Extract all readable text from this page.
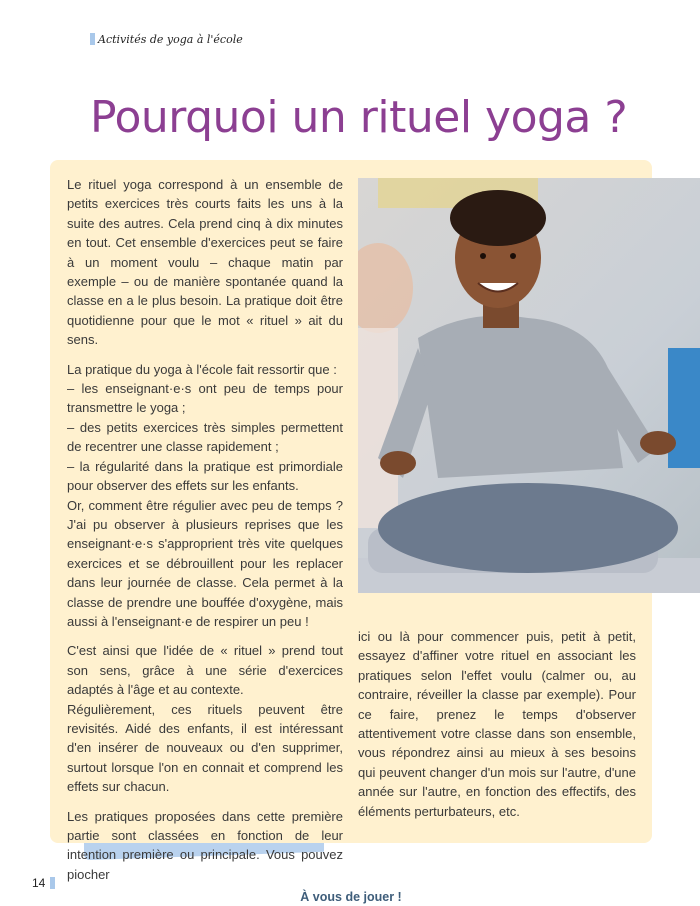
Activités de yoga à l'école
Pourquoi un rituel yoga ?

Le rituel yoga correspond à un ensemble de petits exercices très courts faits les uns à la suite des autres. Cela prend cinq à dix minutes en tout. Cet ensemble d'exercices peut se faire à un moment voulu – chaque matin par exemple – ou de manière spontanée quand la classe en a le plus besoin. La pratique doit être quotidienne pour que le mot « rituel » ait du sens.

La pratique du yoga à l'école fait ressortir que :
– les enseignant·e·s ont peu de temps pour transmettre le yoga ;
– des petits exercices très simples permettent de recentrer une classe rapidement ;
– la régularité dans la pratique est primordiale pour observer des effets sur les enfants.

Or, comment être régulier avec peu de temps ? J'ai pu observer à plusieurs reprises que les enseignant·e·s s'approprient très vite quelques exercices et se débrouillent pour les replacer dans leur journée de classe. Cela permet à la classe de prendre une bouffée d'oxygène, mais aussi à l'enseignant·e de respirer un peu !

C'est ainsi que l'idée de « rituel » prend tout son sens, grâce à une série d'exercices adaptés à l'âge et au contexte.

Régulièrement, ces rituels peuvent être revisités. Aidé des enfants, il est intéressant d'en insérer de nouveaux ou d'en supprimer, surtout lorsque l'on en connait et comprend les effets sur chacun.

Les pratiques proposées dans cette première partie sont classées en fonction de leur intention première ou principale. Vous pouvez piocher
À vous de jouer !
ici ou là pour commencer puis, petit à petit, essayez d'affiner votre rituel en associant les pratiques selon l'effet voulu (calmer ou, au contraire, réveiller la classe par exemple). Pour ce faire, prenez le temps d'observer attentivement votre classe dans son ensemble, vous répondrez ainsi au mieux à ses besoins qui peuvent changer d'un mois sur l'autre, d'une année sur l'autre, en fonction des effectifs, des éléments perturbateurs, etc.
14
